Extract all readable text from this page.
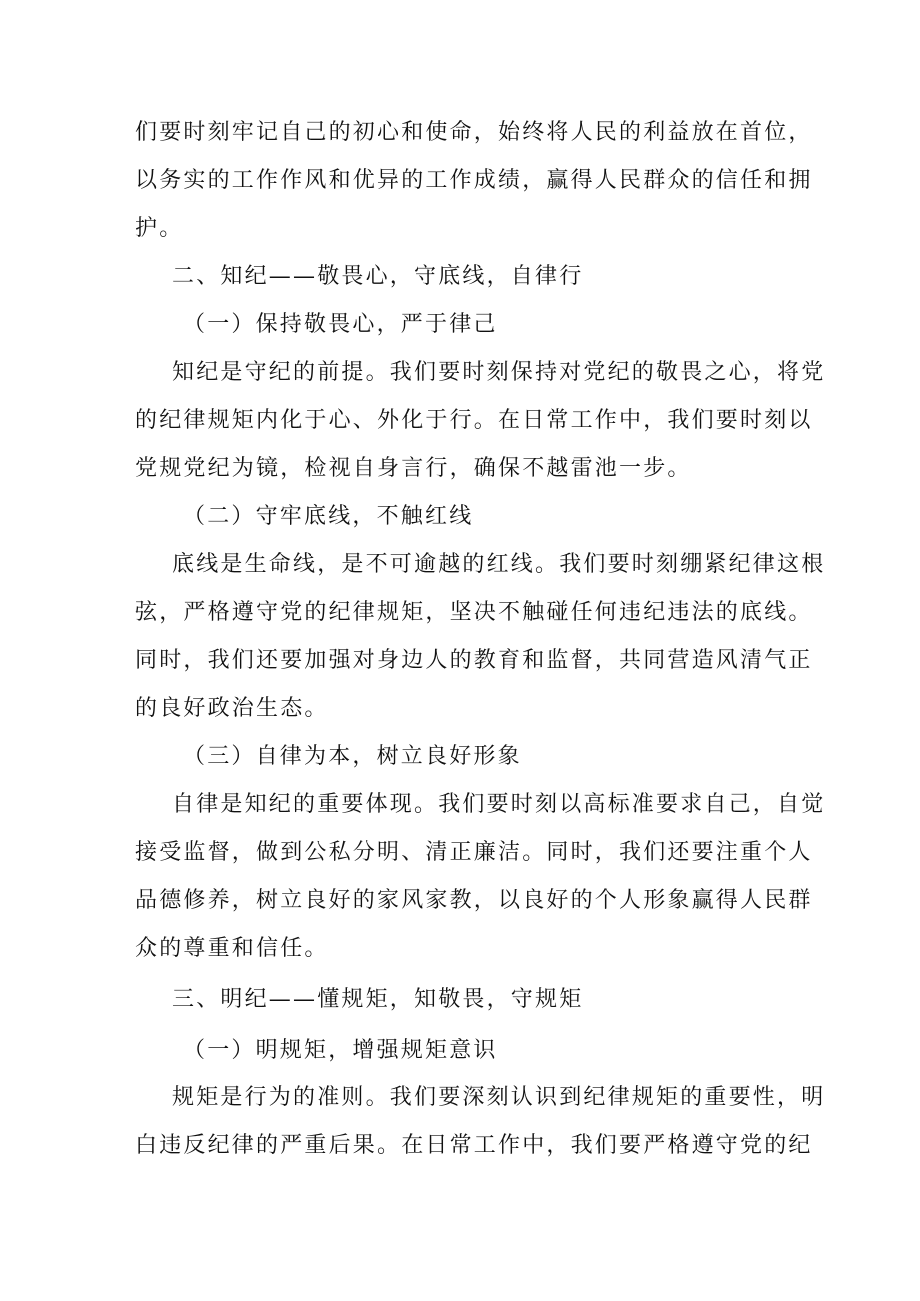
们要时刻牢记自己的初心和使命，始终将人民的利益放在首位，
以务实的工作作风和优异的工作成绩，赢得人民群众的信任和拥
护。
二、知纪——敬畏心，守底线，自律行
（一）保持敬畏心，严于律己
知纪是守纪的前提。我们要时刻保持对党纪的敬畏之心，将党
的纪律规矩内化于心、外化于行。在日常工作中，我们要时刻以
党规党纪为镜，检视自身言行，确保不越雷池一步。
（二）守牢底线，不触红线
底线是生命线，是不可逾越的红线。我们要时刻绷紧纪律这根
弦，严格遵守党的纪律规矩，坚决不触碰任何违纪违法的底线。
同时，我们还要加强对身边人的教育和监督，共同营造风清气正
的良好政治生态。
（三）自律为本，树立良好形象
自律是知纪的重要体现。我们要时刻以高标准要求自己，自觉
接受监督，做到公私分明、清正廉洁。同时，我们还要注重个人
品德修养，树立良好的家风家教，以良好的个人形象赢得人民群
众的尊重和信任。
三、明纪——懂规矩，知敬畏，守规矩
（一）明规矩，增强规矩意识
规矩是行为的准则。我们要深刻认识到纪律规矩的重要性，明
白违反纪律的严重后果。在日常工作中，我们要严格遵守党的纪
